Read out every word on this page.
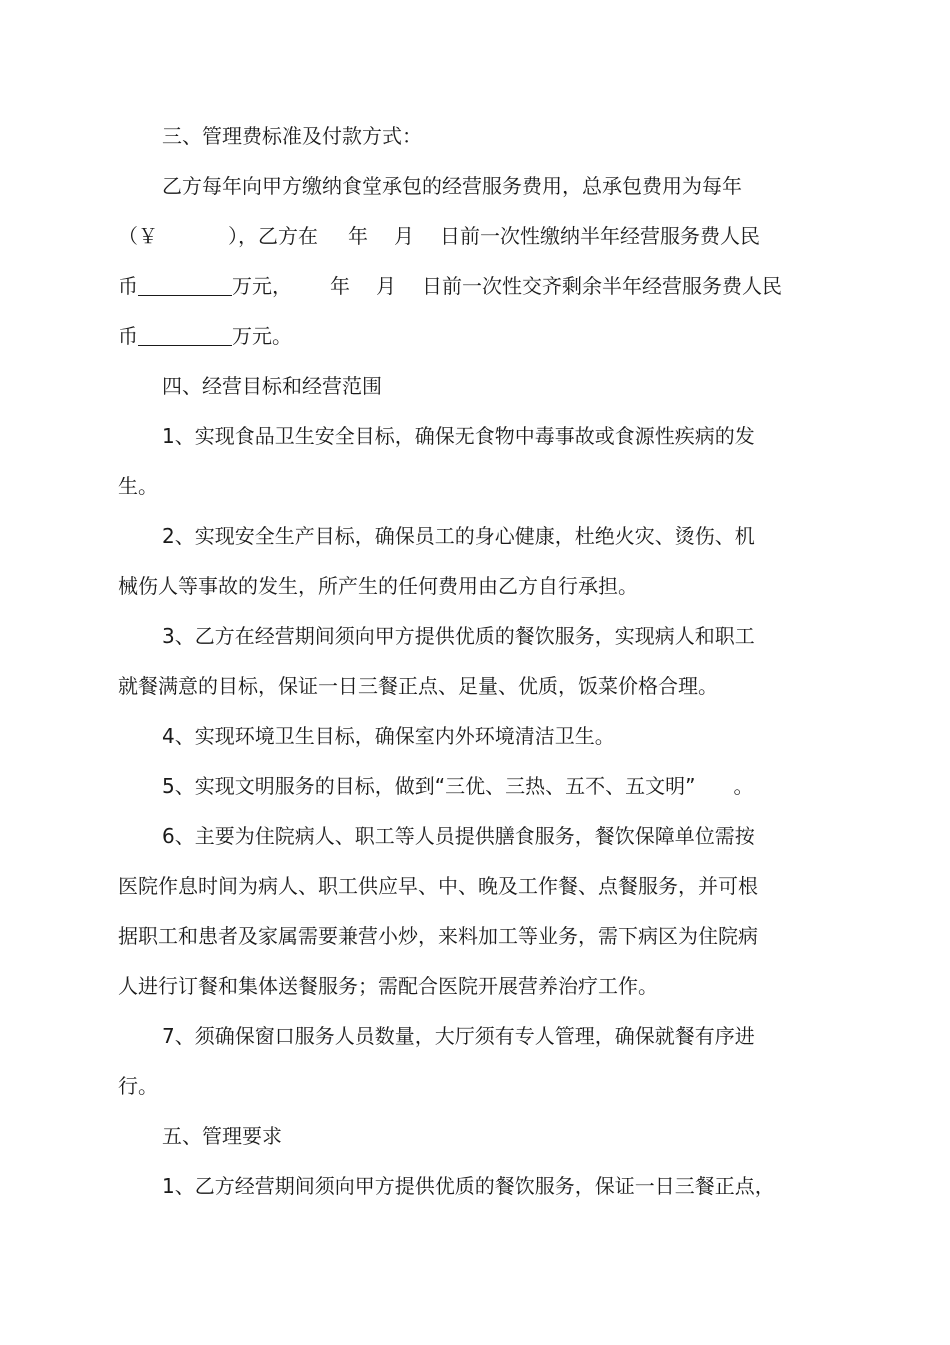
三、管理费标准及付款方式：
乙方每年向甲方缴纳食堂承包的经营服务费用，总承包费用为每年
（￥	），乙方在 年 月 日前一次性缴纳半年经营服务费人民
币	万元， 年 月 日前一次性交齐剩余半年经营服务费人民
币	万元。
四、经营目标和经营范围
1、实现食品卫生安全目标，确保无食物中毒事故或食源性疾病的发
生。
2、实现安全生产目标，确保员工的身心健康，杜绝火灾、烫伤、机
械伤人等事故的发生，所产生的任何费用由乙方自行承担。
3、乙方在经营期间须向甲方提供优质的餐饮服务，实现病人和职工
就餐满意的目标，保证一日三餐正点、足量、优质，饭菜价格合理。
4、实现环境卫生目标，确保室内外环境清洁卫生。
5、实现文明服务的目标，做到“三优、三热、五不、五文明” 。
6、主要为住院病人、职工等人员提供膳食服务，餐饮保障单位需按
医院作息时间为病人、职工供应早、中、晚及工作餐、点餐服务，并可根
据职工和患者及家属需要兼营小炒，来料加工等业务，需下病区为住院病
人进行订餐和集体送餐服务；需配合医院开展营养治疗工作。
7、须确保窗口服务人员数量，大厅须有专人管理，确保就餐有序进
行。
五、管理要求
1、乙方经营期间须向甲方提供优质的餐饮服务，保证一日三餐正点，
